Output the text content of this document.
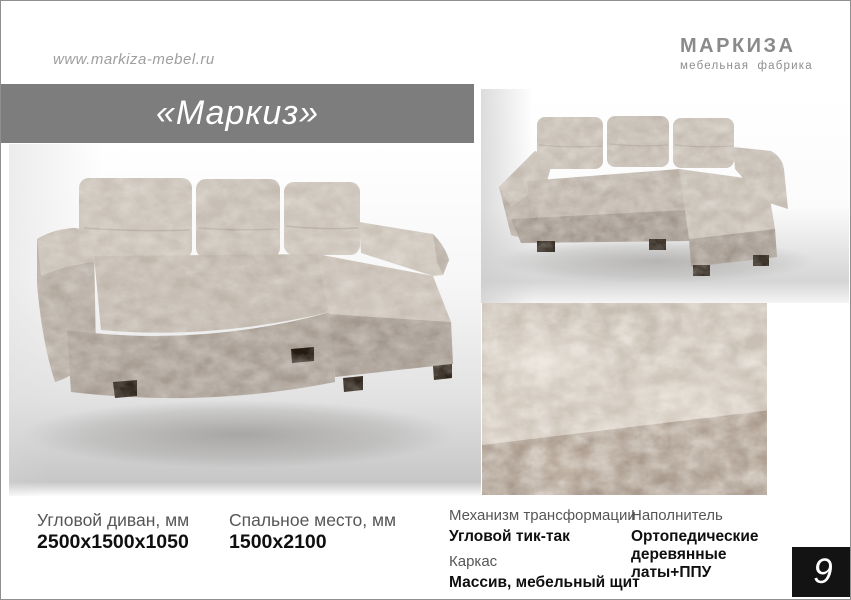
www.markiza-mebel.ru
МАРКИЗА
мебельная фабрика
«Маркиз»
Угловой диван, мм
2500x1500x1050
Спальное место, мм
1500x2100
Механизм трансформации
Угловой тик-так
Каркас
Массив, мебельный щит
Наполнитель
Ортопедические деревянные латы+ППУ	9
